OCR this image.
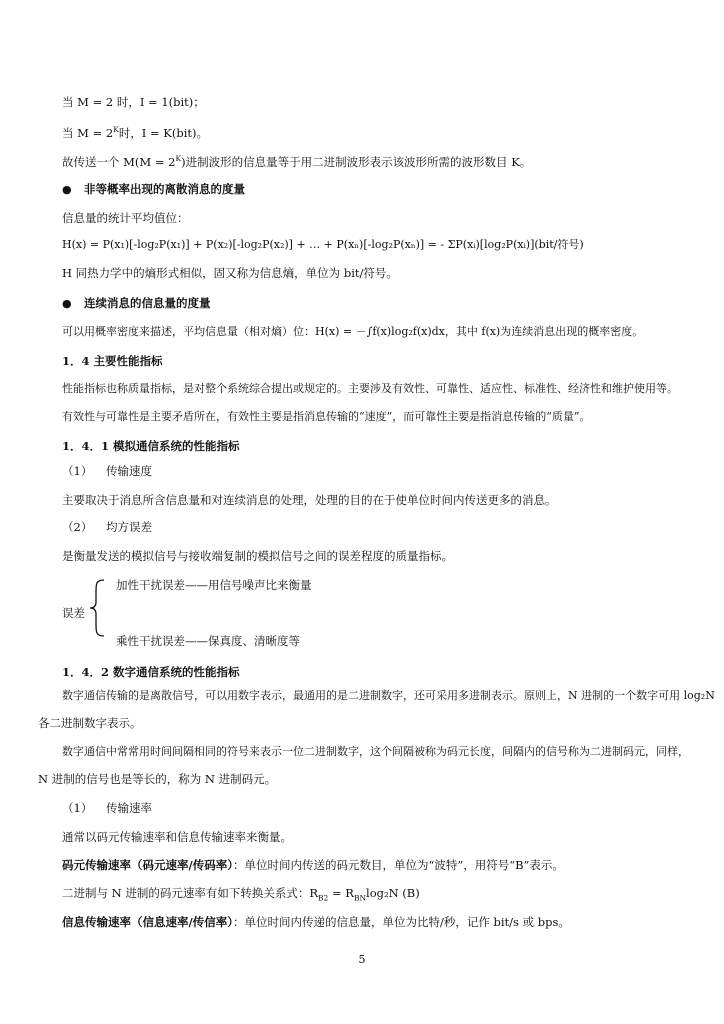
当 M = 2 时，I = 1(bit)；
当 $M = 2^K$时，I = K(bit)。
故传送一个 $M(M = 2^K)$进制波形的信息量等于用二进制波形表示该波形所需的波形数目 K。
● 非等概率出现的离散消息的度量
信息量的统计平均值位：
H(x) = P(x₁)[-log₂P(x₁)] + P(x₂)[-log₂P(x₂)] + … + P(xₙ)[-log₂P(xₙ)] = - ΣP(xᵢ)[log₂P(xᵢ)](bit/符号)
H 同热力学中的熵形式相似，固又称为信息熵，单位为 bit/符号。
● 连续消息的信息量的度量
可以用概率密度来描述，平均信息量（相对熵）位：H(x) = －∫f(x)log₂f(x)dx，其中 f(x)为连续消息出现的概率密度。
1．4 主要性能指标
性能指标也称质量指标，是对整个系统综合提出或规定的。主要涉及有效性、可靠性、适应性、标准性、经济性和维护使用等。
有效性与可靠性是主要矛盾所在，有效性主要是指消息传输的“速度”，而可靠性主要是指消息传输的“质量”。
1．4．1 模拟通信系统的性能指标
（1） 传输速度
主要取决于消息所含信息量和对连续消息的处理，处理的目的在于使单位时间内传送更多的消息。
（2） 均方误差
是衡量发送的模拟信号与接收端复制的模拟信号之间的误差程度的质量指标。
加性干扰误差——用信号噪声比来衡量
误差
乘性干扰误差——保真度、清晰度等
1．4．2 数字通信系统的性能指标
数字通信传输的是离散信号，可以用数字表示，最通用的是二进制数字，还可采用多进制表示。原则上，N 进制的一个数字可用 log₂N
各二进制数字表示。
数字通信中常常用时间间隔相同的符号来表示一位二进制数字，这个间隔被称为码元长度，间隔内的信号称为二进制码元，同样，
N 进制的信号也是等长的，称为 N 进制码元。
（1） 传输速率
通常以码元传输速率和信息传输速率来衡量。
码元传输速率（码元速率/传码率）：单位时间内传送的码元数目，单位为“波特”，用符号“B”表示。
二进制与 N 进制的码元速率有如下转换关系式：$R_{B2} = R_{BN}\log_2N$ (B)
信息传输速率（信息速率/传信率）：单位时间内传递的信息量，单位为比特/秒，记作 bit/s 或 bps。
5
